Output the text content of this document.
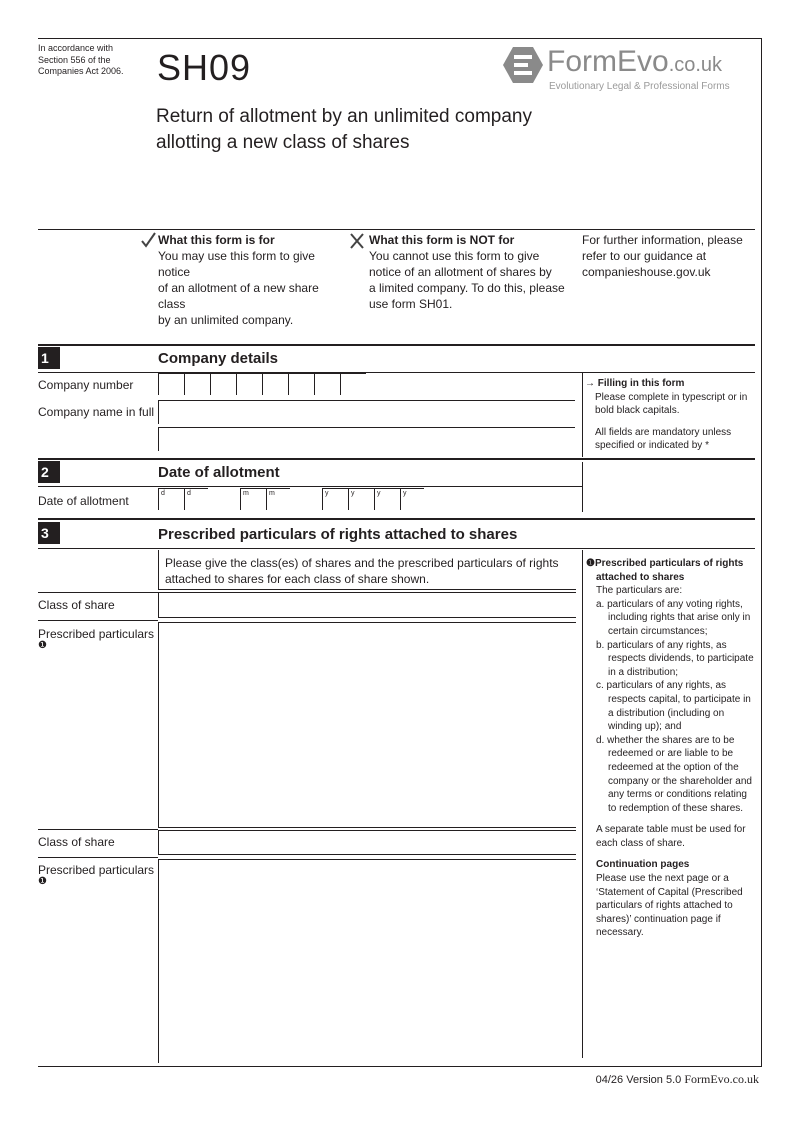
In accordance with
Section 556 of the
Companies Act 2006. SH09	FormEvo.co.uk
Evolutionary Legal & Professional Forms
Return of allotment by an unlimited company
allotting a new class of shares
What this form is for
You may use this form to give notice
of an allotment of a new share class
by an unlimited company.
What this form is NOT for
You cannot use this form to give
notice of an allotment of shares by
a limited company. To do this, please
use form SH01.
For further information, please
refer to our guidance at
companieshouse.gov.uk
1	Company details
Company number
Company name in full
→ Filling in this form
Please complete in typescript or in
bold black capitals.
All fields are mandatory unless
specified or indicated by *
2	Date of allotment
Date of allotment
d	d	m	m	y	y	y	y
3	Prescribed particulars of rights attached to shares
Please give the class(es) of shares and the prescribed particulars of rights
attached to shares for each class of share shown.
Class of share
Prescribed particulars
❶
Class of share
Prescribed particulars
❶
❶Prescribed particulars of rights
attached to shares
The particulars are:
a. particulars of any voting rights, including rights that arise only in certain circumstances;
b. particulars of any rights, as respects dividends, to participate in a distribution;
c. particulars of any rights, as respects capital, to participate in a distribution (including on winding up); and
d. whether the shares are to be redeemed or are liable to be redeemed at the option of the company or the shareholder and any terms or conditions relating to redemption of these shares.
A separate table must be used for
each class of share.
Continuation pages
Please use the next page or a
‘Statement of Capital (Prescribed
particulars of rights attached to
shares)’ continuation page if
necessary.
04/26 Version 5.0 FormEvo.co.uk
